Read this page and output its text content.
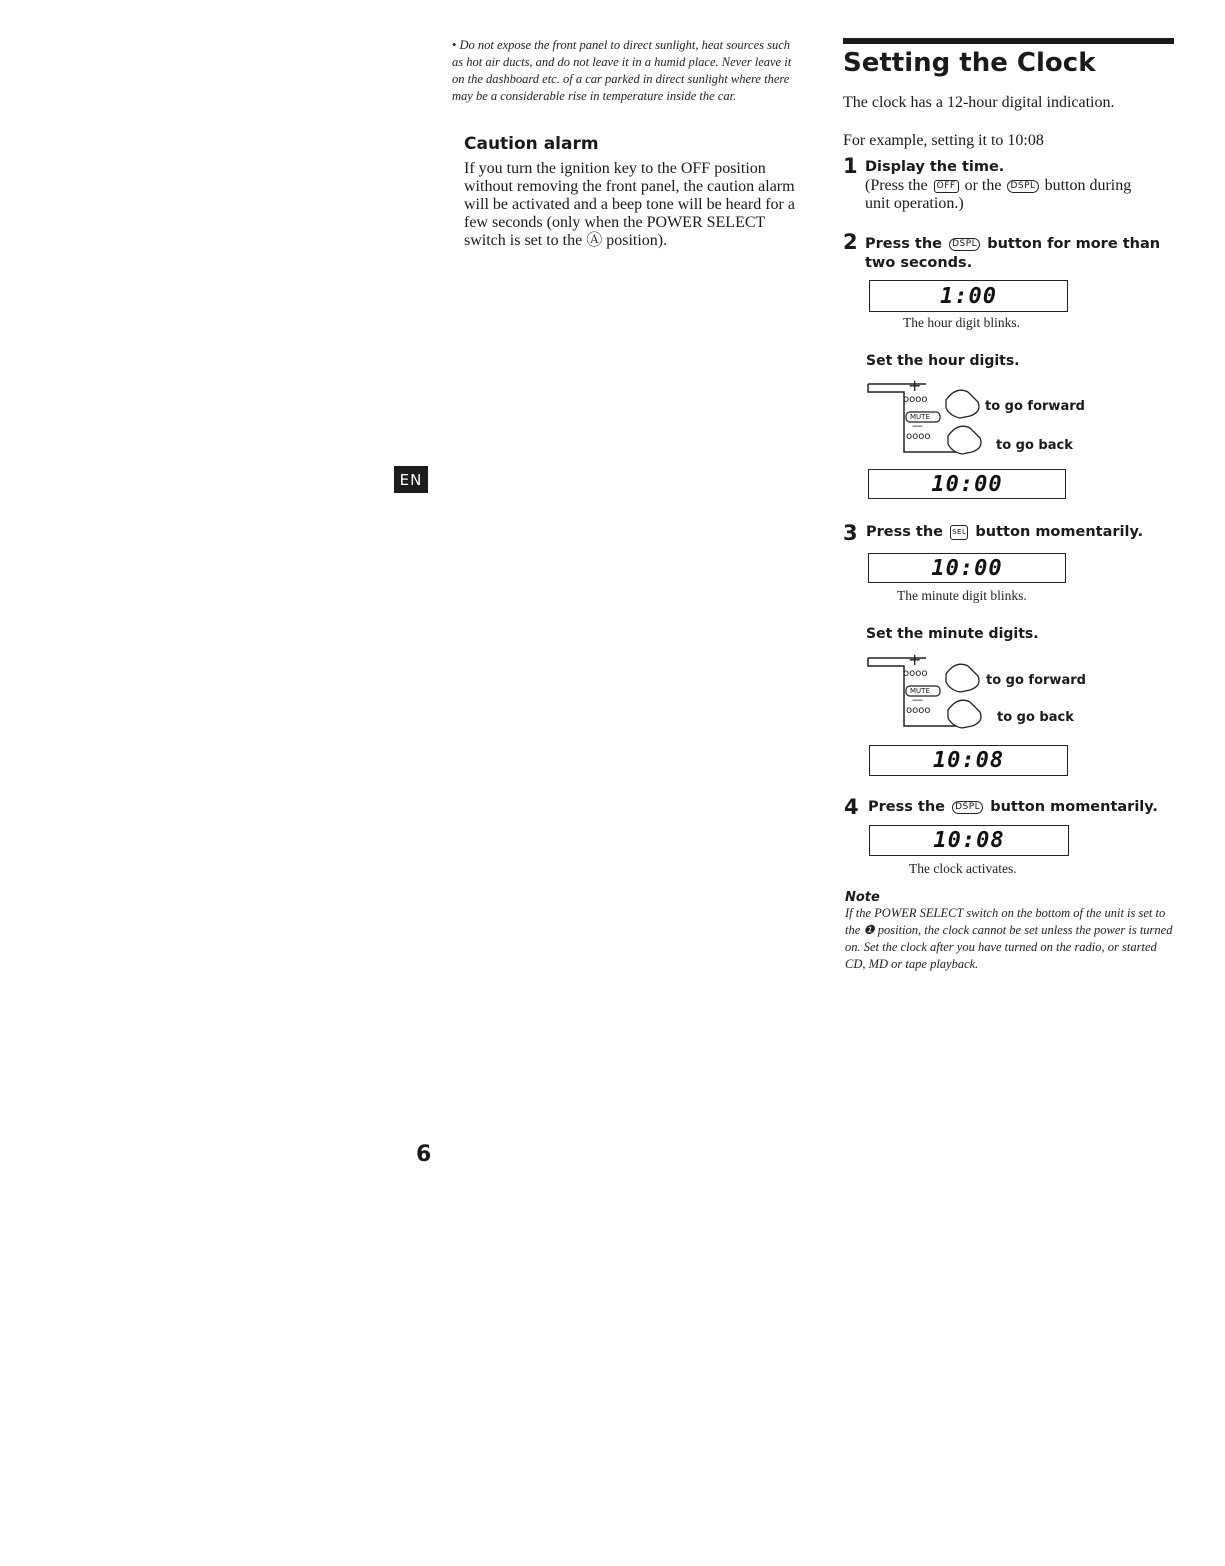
• Do not expose the front panel to direct sunlight, heat sources such as hot air ducts, and do not leave it in a humid place. Never leave it on the dashboard etc. of a car parked in direct sunlight where there may be a considerable rise in temperature inside the car.
Caution alarm
If you turn the ignition key to the OFF position without removing the front panel, the caution alarm will be activated and a beep tone will be heard for a few seconds (only when the POWER SELECT switch is set to the Ⓐ position).
EN
6
Setting the Clock
The clock has a 12-hour digital indication.
For example, setting it to 10:08
1 Display the time.
(Press the OFF or the DSPL button during
unit operation.)
2 Press the DSPL button for more than
two seconds.
1:00
The hour digit blinks.
Set the hour digits.
+
oooo
MUTE
—
oooo
to go forward
to go back
10:00
3 Press the SEL button momentarily.
10:00
The minute digit blinks.
Set the minute digits.
+
oooo
MUTE
—
oooo
to go forward
to go back
10:08
4 Press the DSPL button momentarily.
10:08
The clock activates.
Note
If the POWER SELECT switch on the bottom of the unit is set to the ❶ position, the clock cannot be set unless the power is turned on. Set the clock after you have turned on the radio, or started CD, MD or tape playback.
